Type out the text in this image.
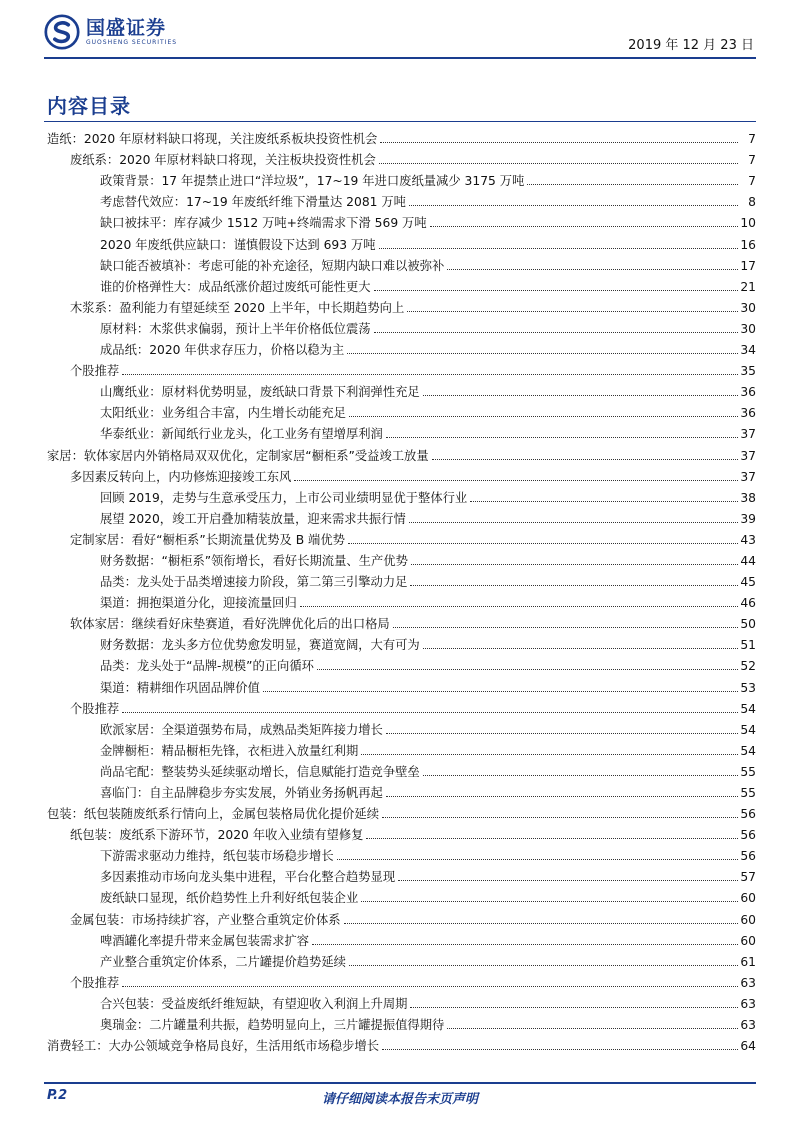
国盛证券
GUOSHENG SECURITIES	2019 年 12 月 23 日
内容目录
造纸：2020 年原材料缺口将现，关注废纸系板块投资性机会	7
废纸系：2020 年原材料缺口将现，关注板块投资性机会	7
政策背景：17 年提禁止进口“洋垃圾”，17~19 年进口废纸量减少 3175 万吨	7
考虑替代效应：17~19 年废纸纤维下滑量达 2081 万吨	8
缺口被抹平：库存减少 1512 万吨+终端需求下滑 569 万吨	10
2020 年废纸供应缺口：谨慎假设下达到 693 万吨	16
缺口能否被填补：考虑可能的补充途径，短期内缺口难以被弥补	17
谁的价格弹性大：成品纸涨价超过废纸可能性更大	21
木浆系：盈利能力有望延续至 2020 上半年，中长期趋势向上	30
原材料：木浆供求偏弱，预计上半年价格低位震荡	30
成品纸：2020 年供求存压力，价格以稳为主	34
个股推荐	35
山鹰纸业：原材料优势明显，废纸缺口背景下利润弹性充足	36
太阳纸业：业务组合丰富，内生增长动能充足	36
华泰纸业：新闻纸行业龙头，化工业务有望增厚利润	37
家居：软体家居内外销格局双双优化，定制家居“橱柜系”受益竣工放量	37
多因素反转向上，内功修炼迎接竣工东风	37
回顾 2019，走势与生意承受压力，上市公司业绩明显优于整体行业	38
展望 2020，竣工开启叠加精装放量，迎来需求共振行情	39
定制家居：看好“橱柜系”长期流量优势及 B 端优势	43
财务数据：“橱柜系”领衔增长，看好长期流量、生产优势	44
品类：龙头处于品类增速接力阶段，第二第三引擎动力足	45
渠道：拥抱渠道分化，迎接流量回归	46
软体家居：继续看好床垫赛道，看好洗牌优化后的出口格局	50
财务数据：龙头多方位优势愈发明显，赛道宽阔，大有可为	51
品类：龙头处于“品牌-规模”的正向循环	52
渠道：精耕细作巩固品牌价值	53
个股推荐	54
欧派家居：全渠道强势布局，成熟品类矩阵接力增长	54
金牌橱柜：精品橱柜先锋，衣柜进入放量红利期	54
尚品宅配：整装势头延续驱动增长，信息赋能打造竞争壁垒	55
喜临门：自主品牌稳步夯实发展，外销业务扬帆再起	55
包装：纸包装随废纸系行情向上，金属包装格局优化提价延续	56
纸包装：废纸系下游环节，2020 年收入业绩有望修复	56
下游需求驱动力维持，纸包装市场稳步增长	56
多因素推动市场向龙头集中进程，平台化整合趋势显现	57
废纸缺口显现，纸价趋势性上升利好纸包装企业	60
金属包装：市场持续扩容，产业整合重筑定价体系	60
啤酒罐化率提升带来金属包装需求扩容	60
产业整合重筑定价体系，二片罐提价趋势延续	61
个股推荐	63
合兴包装：受益废纸纤维短缺，有望迎收入利润上升周期	63
奥瑞金：二片罐量利共振，趋势明显向上，三片罐提振值得期待	63
消费轻工：大办公领域竞争格局良好，生活用纸市场稳步增长	64
P.2	请仔细阅读本报告末页声明
